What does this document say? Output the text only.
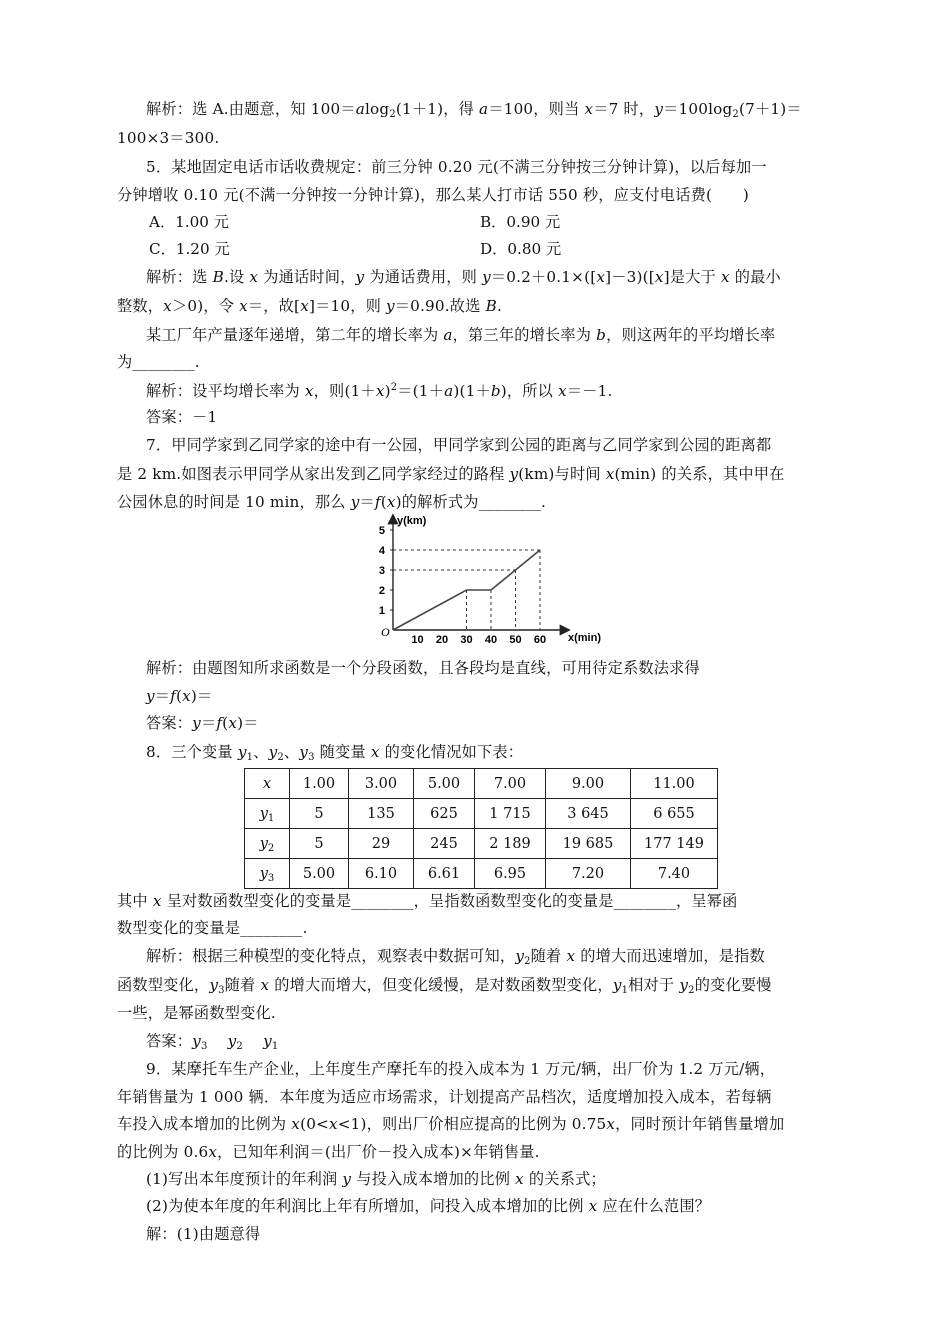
解析：选 A.由题意，知 100＝alog$_2$(1＋1)，得 a＝100，则当 x＝7 时，$y=100\log_2(7+1)=$
100×3＝300.
5．某地固定电话市话收费规定：前三分钟 0.20 元(不满三分钟按三分钟计算)，以后每加一
分钟增收 0.10 元(不满一分钟按一分钟计算)，那么某人打市话 550 秒，应支付电话费(　　)
A．1.00 元	B．0.90 元
C．1.20 元	D．0.80 元
解析：选 B.设 x 为通话时间，y 为通话费用，则 y＝0.2＋0.1×([x]－3)([x]是大于 x 的最小
整数，x＞0)，令 x＝，故[x]＝10，则 y＝0.90.故选 B.
某工厂年产量逐年递增，第二年的增长率为 a，第三年的增长率为 b，则这两年的平均增长率
为________.
解析：设平均增长率为 x，则$(1+x)^2=(1+a)(1+b)$，所以 x＝－1.
答案：－1
7．甲同学家到乙同学家的途中有一公园，甲同学家到公园的距离与乙同学家到公园的距离都
是 2 km.如图表示甲同学从家出发到乙同学家经过的路程 y(km)与时间 x(min) 的关系，其中甲在
公园休息的时间是 10 min，那么 y＝f(x)的解析式为________.
10 20 30 40 50 60
1
2
3
4
5
y(km)
x(min)
O
解析：由题图知所求函数是一个分段函数，且各段均是直线，可用待定系数法求得
y＝f(x)＝
答案：y＝f(x)＝
8．三个变量 $y_1$、$y_2$、$y_3$ 随变量 x 的变化情况如下表：
x	1.00	3.00	5.00	7.00	9.00	11.00
$y_1$	5	135	625	1 715	3 645	6 655
$y_2$	5	29	245	2 189	19 685	177 149
$y_3$	5.00	6.10	6.61	6.95	7.20	7.40
其中 x 呈对数函数型变化的变量是________，呈指数函数型变化的变量是________，呈幂函
数型变化的变量是________.
解析：根据三种模型的变化特点，观察表中数据可知，$y_2$随着 x 的增大而迅速增加，是指数
函数型变化，$y_3$随着 x 的增大而增大，但变化缓慢，是对数函数型变化，$y_1$相对于 $y_2$的变化要慢
一些，是幂函数型变化.
答案：$y_3$ $y_2$ $y_1$
9．某摩托车生产企业，上年度生产摩托车的投入成本为 1 万元/辆，出厂价为 1.2 万元/辆，
年销售量为 1 000 辆．本年度为适应市场需求，计划提高产品档次，适度增加投入成本，若每辆
车投入成本增加的比例为 x(0<x<1)，则出厂价相应提高的比例为 0.75x，同时预计年销售量增加
的比例为 0.6x，已知年利润＝(出厂价－投入成本)×年销售量.
(1)写出本年度预计的年利润 y 与投入成本增加的比例 x 的关系式；
(2)为使本年度的年利润比上年有所增加，问投入成本增加的比例 x 应在什么范围？
解：(1)由题意得
